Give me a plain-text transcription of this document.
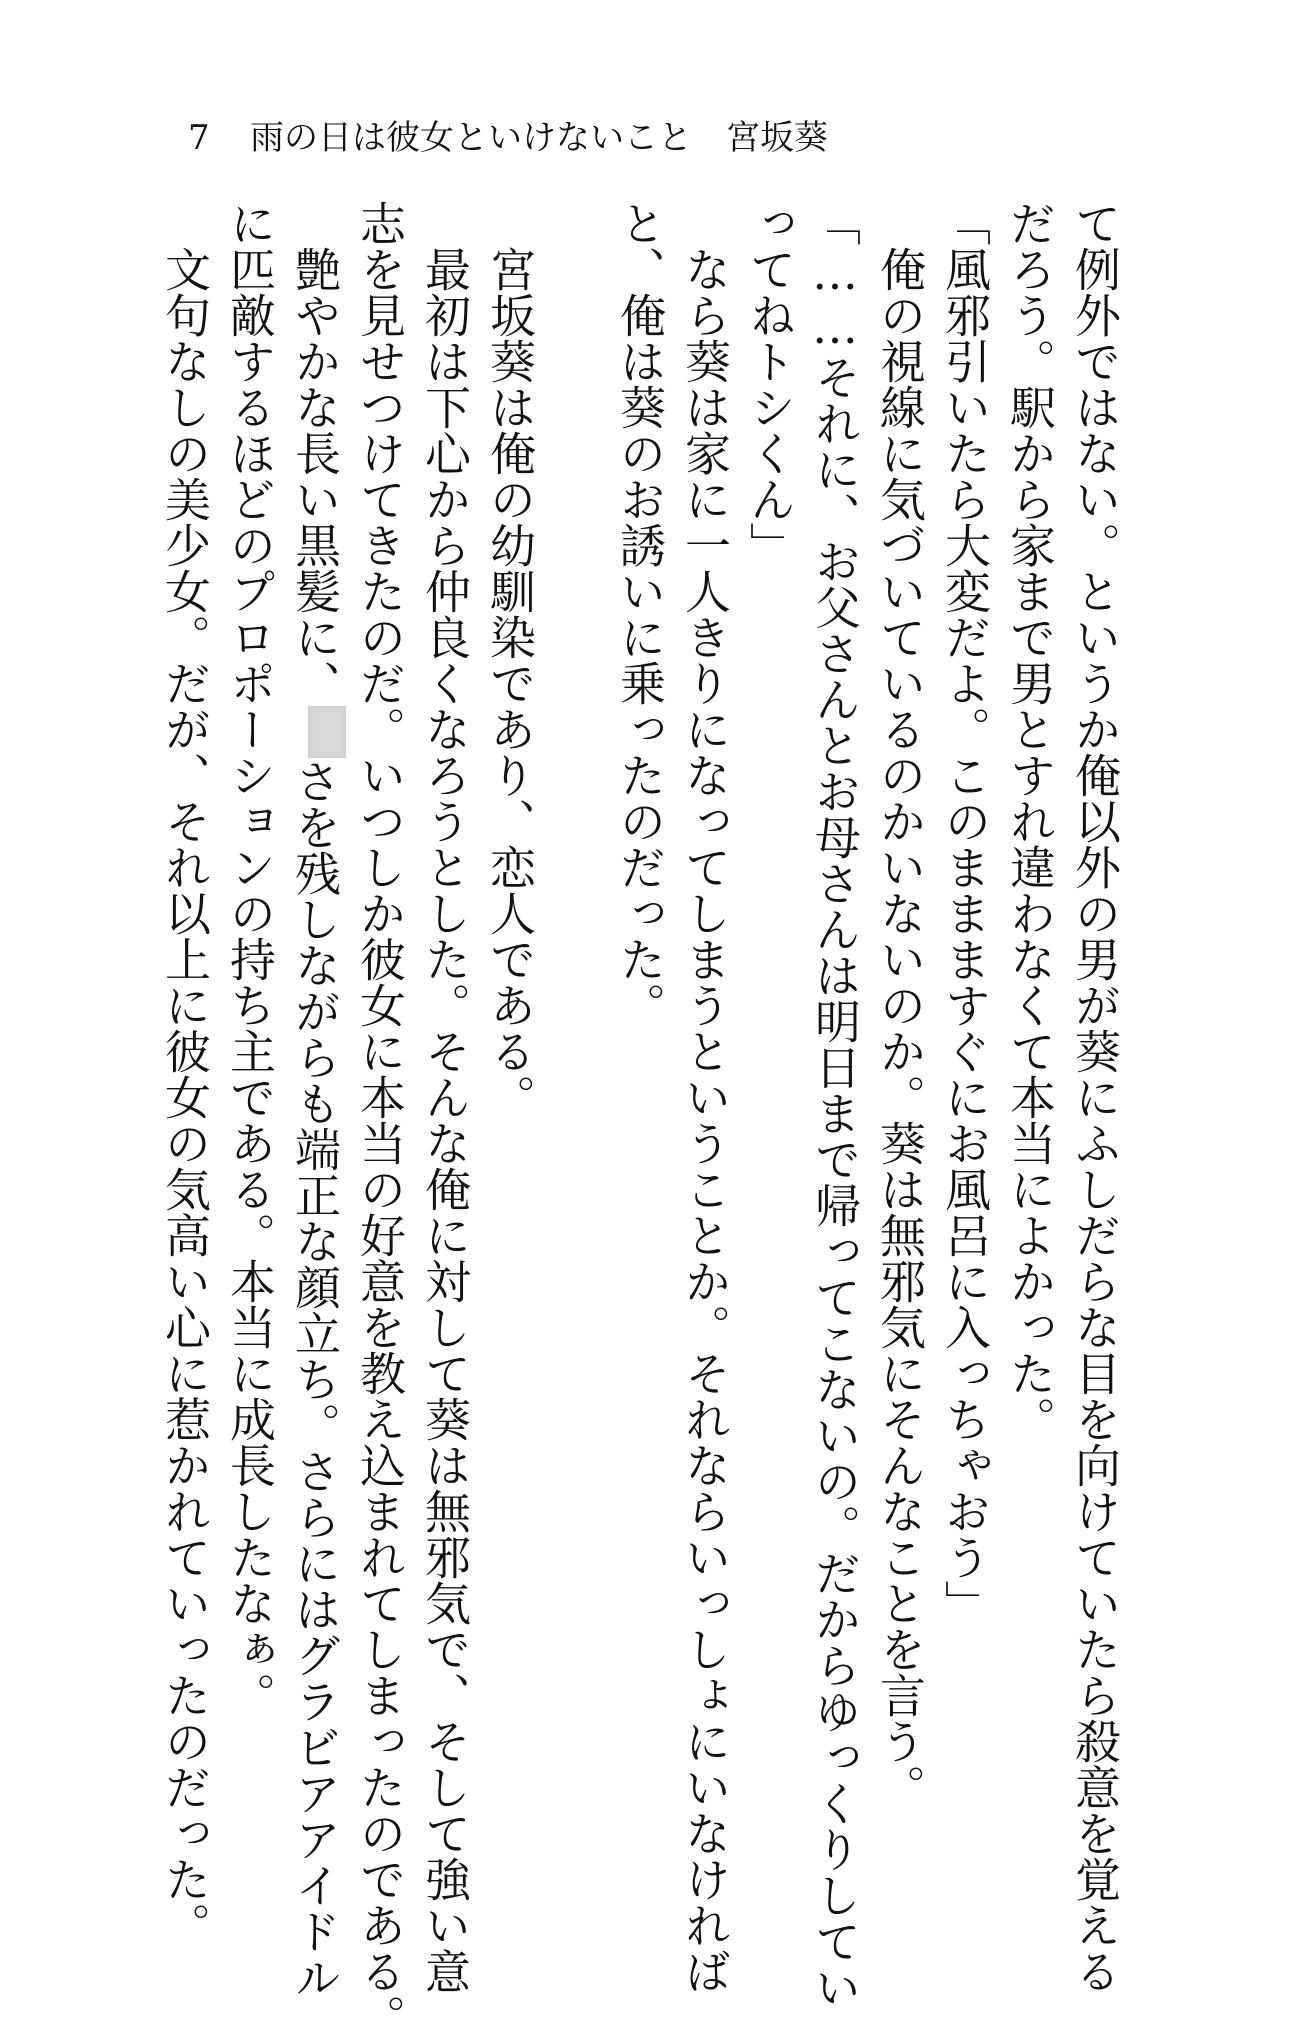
7	雨の日は彼女といけないこと 宮坂葵
て例外ではない。というか俺以外の男が葵にふしだらな目を向けていたら殺意を覚える
だろう。駅から家まで男とすれ違わなくて本当によかった。
「風邪引いたら大変だよ。このままますぐにお風呂に入っちゃおう」
　俺の視線に気づいているのかいないのか。葵は無邪気にそんなことを言う。
「……それに、お父さんとお母さんは明日まで帰ってこないの。だからゆっくりしてい
ってねトシくん」
　なら葵は家に一人きりになってしまうということか。それならいっしょにいなければ
と、俺は葵のお誘いに乗ったのだった。
　宮坂葵は俺の幼馴染であり、恋人である。
　最初は下心から仲良くなろうとした。そんな俺に対して葵は無邪気で、そして強い意
志を見せつけてきたのだ。いつしか彼女に本当の好意を教え込まれてしまったのである。
　艶やかな長い黒髪に、さを残しながらも端正な顔立ち。さらにはグラビアアイドル
に匹敵するほどのプロポーションの持ち主である。本当に成長したなぁ。
　文句なしの美少女。だが、それ以上に彼女の気高い心に惹かれていったのだった。
